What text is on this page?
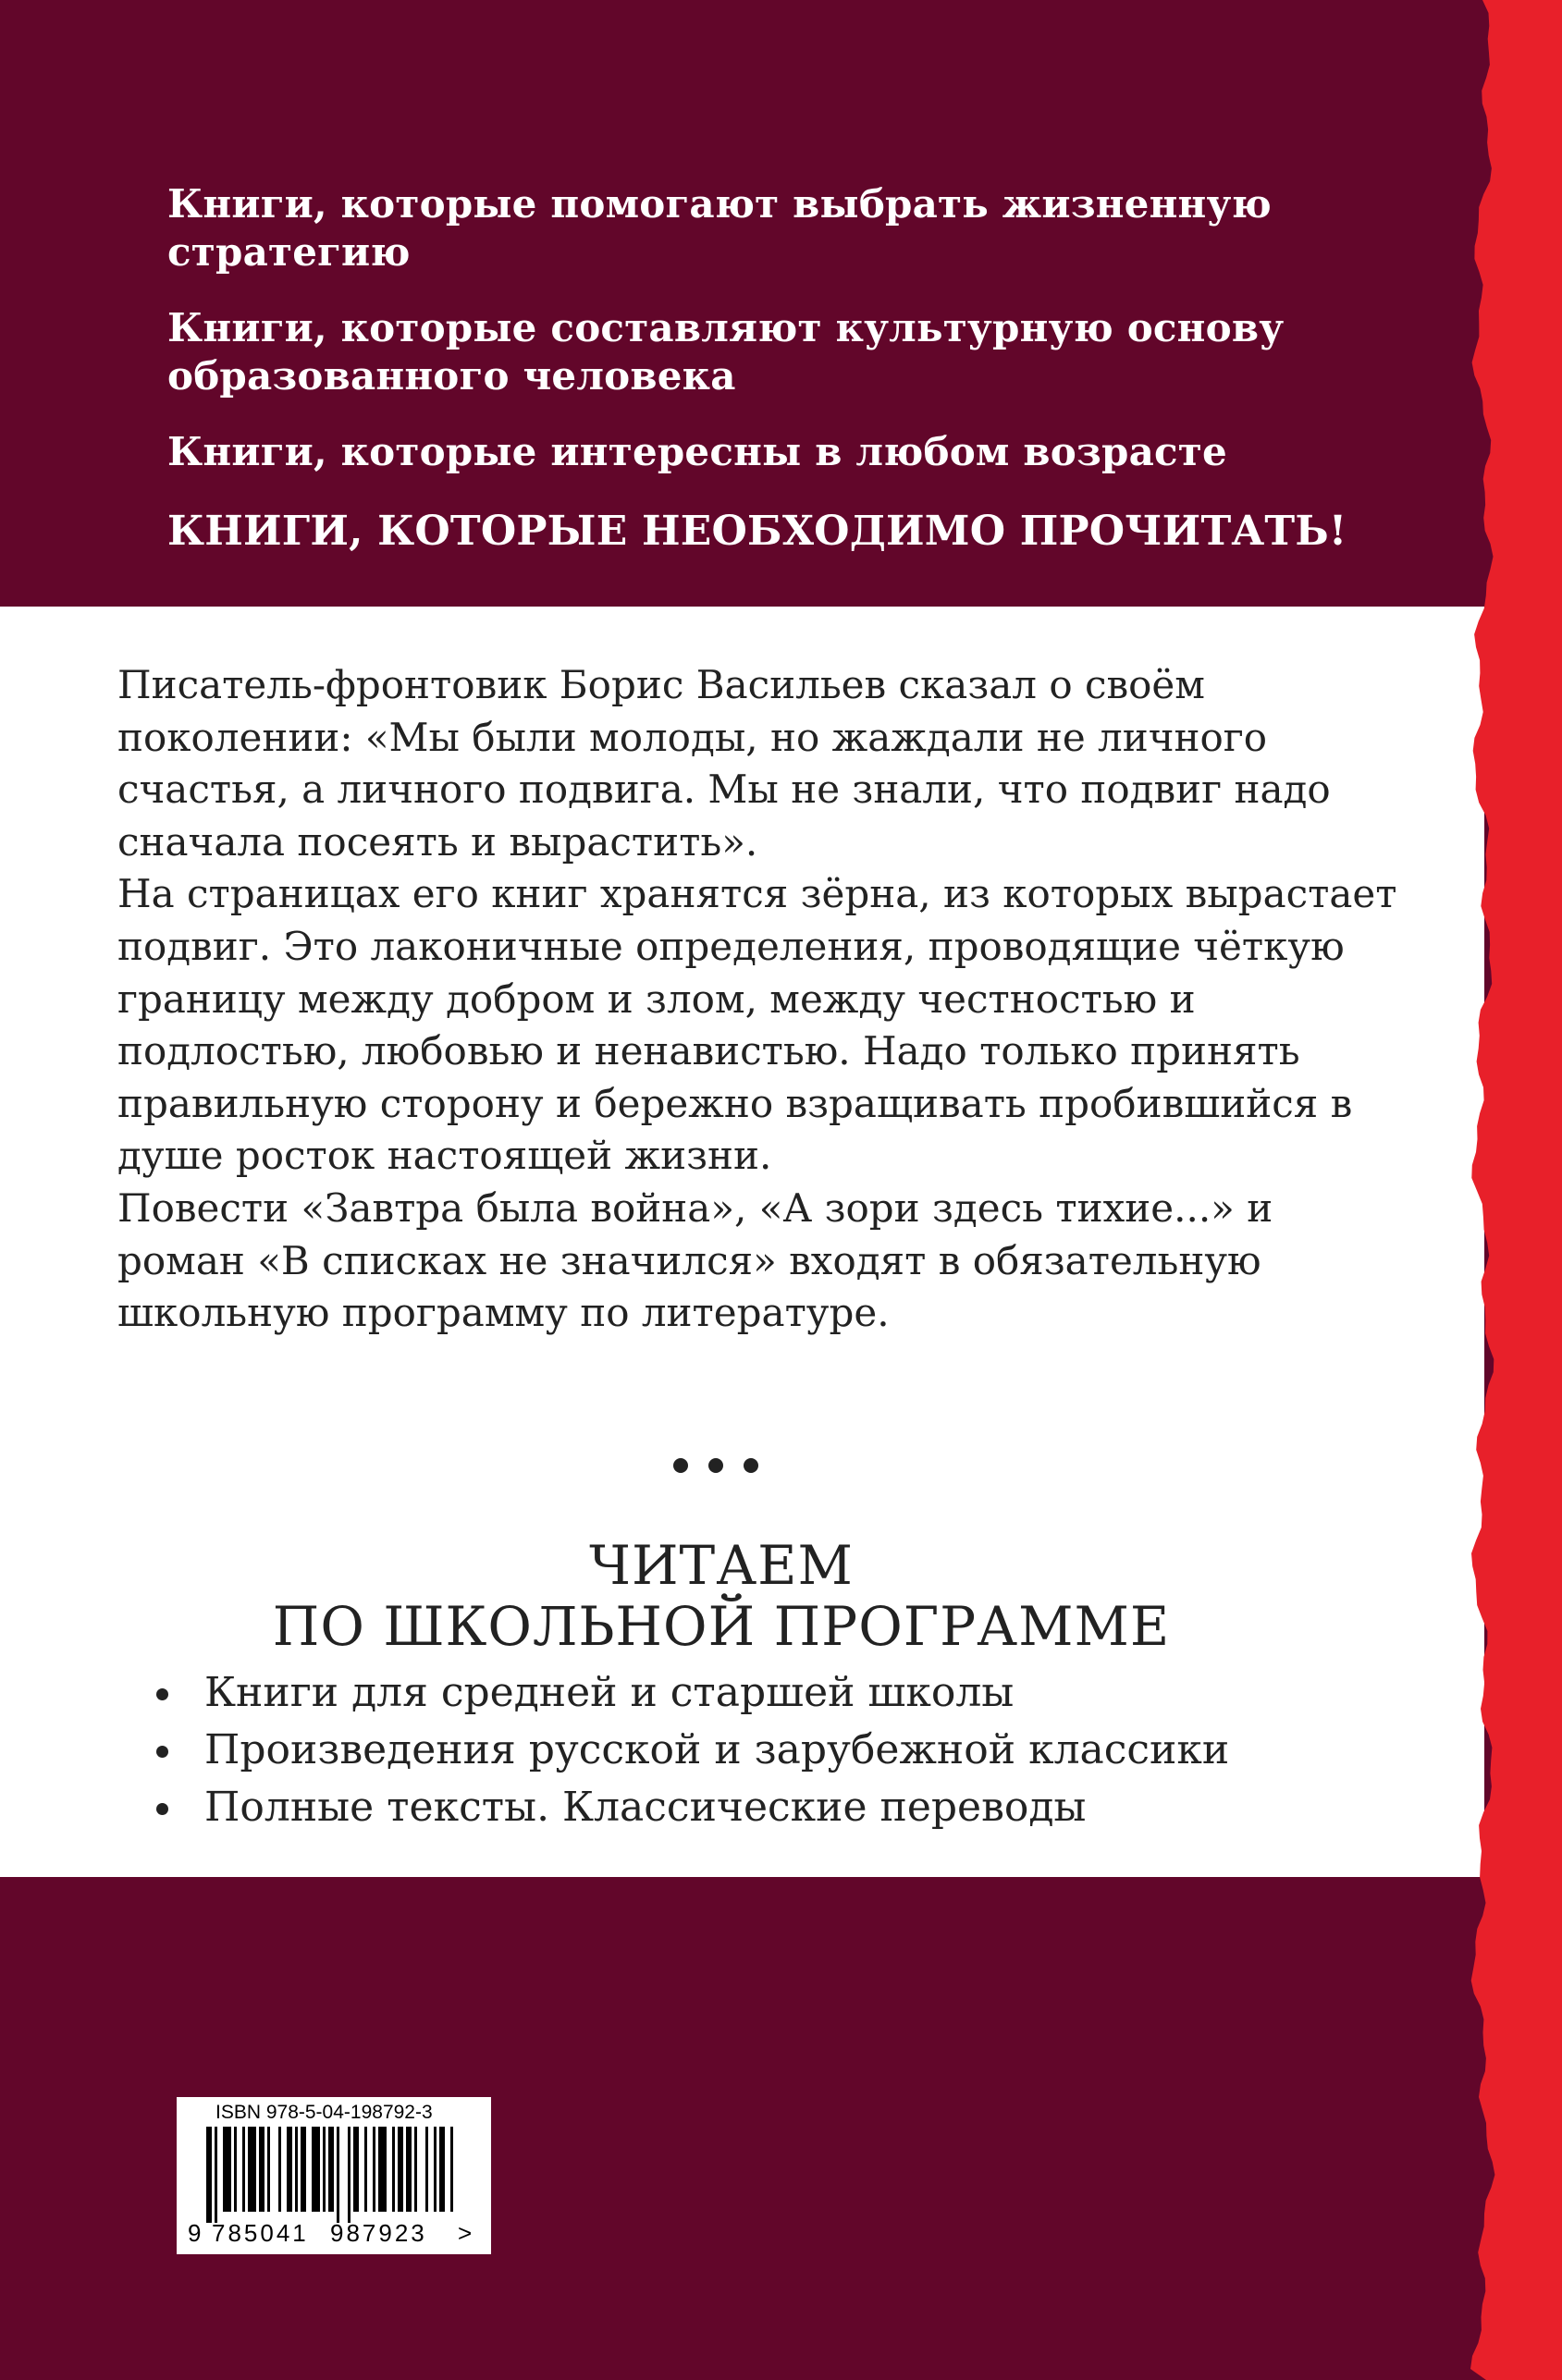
Книги, которые помогают выбрать жизненную стратегию

Книги, которые составляют культурную основу образованного человека

Книги, которые интересны в любом возрасте

КНИГИ, КОТОРЫЕ НЕОБХОДИМО ПРОЧИТАТЬ!

Писатель-фронтовик Борис Васильев сказал о своём поколении: «Мы были молоды, но жаждали не личного счастья, а личного подвига. Мы не знали, что подвиг надо сначала посеять и вырастить».

На страницах его книг хранятся зёрна, из которых вырастает подвиг. Это лаконичные определения, проводящие чёткую границу между добром и злом, между честностью и подлостью, любовью и ненавистью. Надо только принять правильную сторону и бережно взращивать пробившийся в душе росток настоящей жизни.

Повести «Завтра была война», «А зори здесь тихие...» и роман «В списках не значился» входят в обязательную школьную программу по литературе.

ЧИТАЕМ
ПО ШКОЛЬНОЙ ПРОГРАММЕ
Книги для средней и старшей школы
Произведения русской и зарубежной классики
Полные тексты. Классические переводы
ISBN 978-5-04-198792-3
9 785041 987923 >
